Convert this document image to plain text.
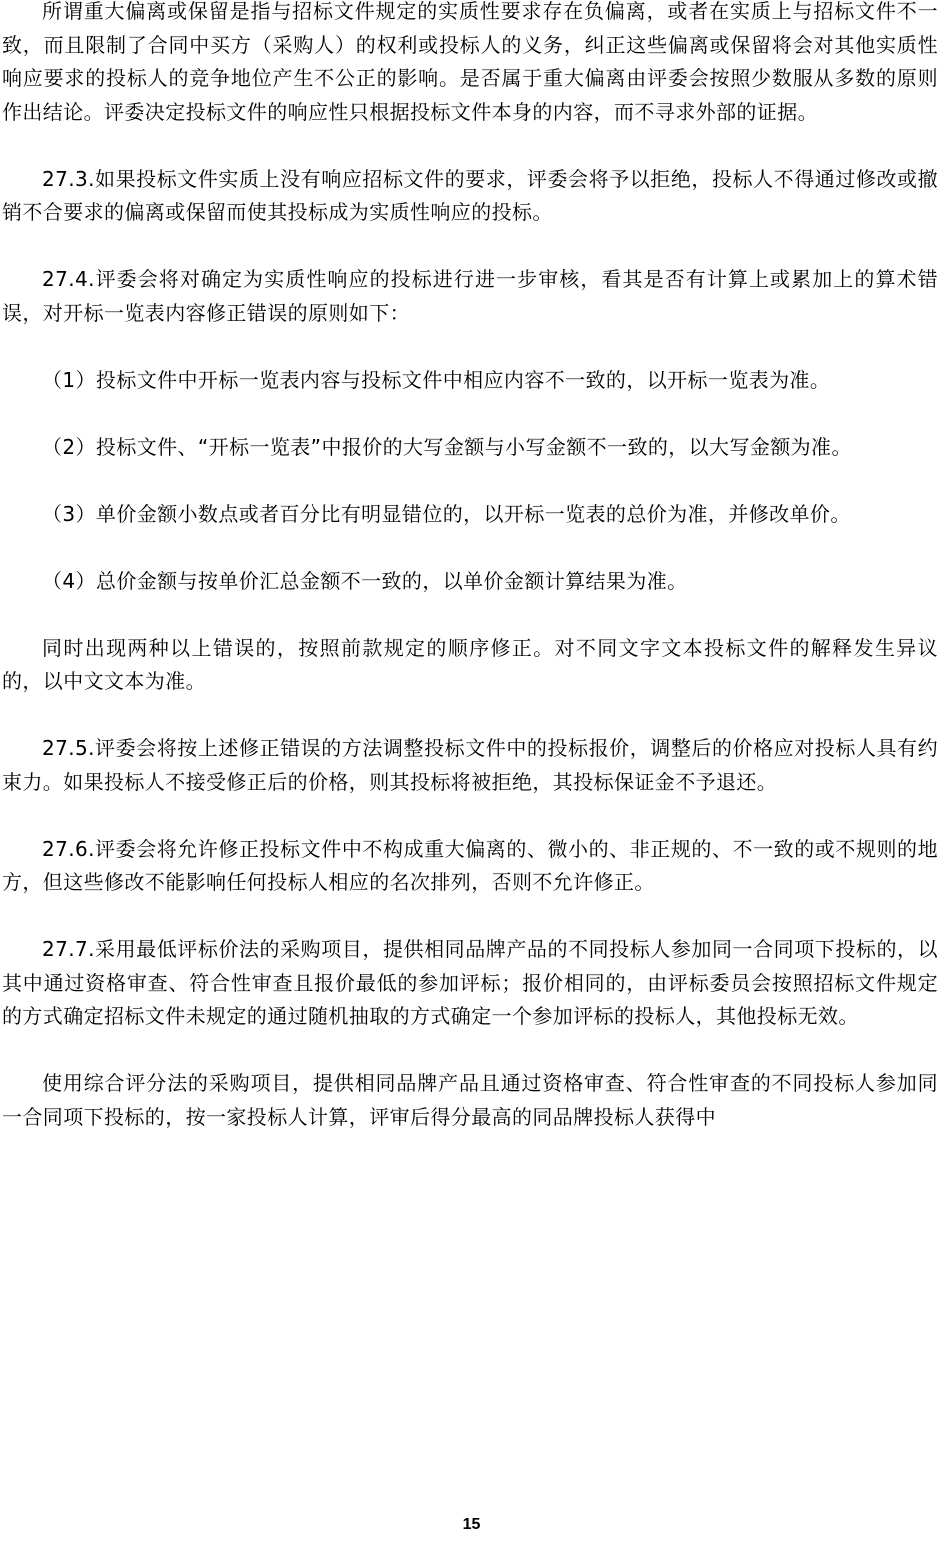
所谓重大偏离或保留是指与招标文件规定的实质性要求存在负偏离，或者在实质上与招标文件不一致，而且限制了合同中买方（采购人）的权利或投标人的义务，纠正这些偏离或保留将会对其他实质性响应要求的投标人的竞争地位产生不公正的影响。是否属于重大偏离由评委会按照少数服从多数的原则作出结论。评委决定投标文件的响应性只根据投标文件本身的内容，而不寻求外部的证据。

27.3.如果投标文件实质上没有响应招标文件的要求，评委会将予以拒绝，投标人不得通过修改或撤销不合要求的偏离或保留而使其投标成为实质性响应的投标。

27.4.评委会将对确定为实质性响应的投标进行进一步审核，看其是否有计算上或累加上的算术错误，对开标一览表内容修正错误的原则如下：

（1）投标文件中开标一览表内容与投标文件中相应内容不一致的，以开标一览表为准。

（2）投标文件、“开标一览表”中报价的大写金额与小写金额不一致的，以大写金额为准。

（3）单价金额小数点或者百分比有明显错位的，以开标一览表的总价为准，并修改单价。

（4）总价金额与按单价汇总金额不一致的，以单价金额计算结果为准。

同时出现两种以上错误的，按照前款规定的顺序修正。对不同文字文本投标文件的解释发生异议的，以中文文本为准。

27.5.评委会将按上述修正错误的方法调整投标文件中的投标报价，调整后的价格应对投标人具有约束力。如果投标人不接受修正后的价格，则其投标将被拒绝，其投标保证金不予退还。

27.6.评委会将允许修正投标文件中不构成重大偏离的、微小的、非正规的、不一致的或不规则的地方，但这些修改不能影响任何投标人相应的名次排列，否则不允许修正。

27.7.采用最低评标价法的采购项目，提供相同品牌产品的不同投标人参加同一合同项下投标的，以其中通过资格审查、符合性审查且报价最低的参加评标；报价相同的，由评标委员会按照招标文件规定的方式确定招标文件未规定的通过随机抽取的方式确定一个参加评标的投标人，其他投标无效。

使用综合评分法的采购项目，提供相同品牌产品且通过资格审查、符合性审查的不同投标人参加同一合同项下投标的，按一家投标人计算，评审后得分最高的同品牌投标人获得中

15
